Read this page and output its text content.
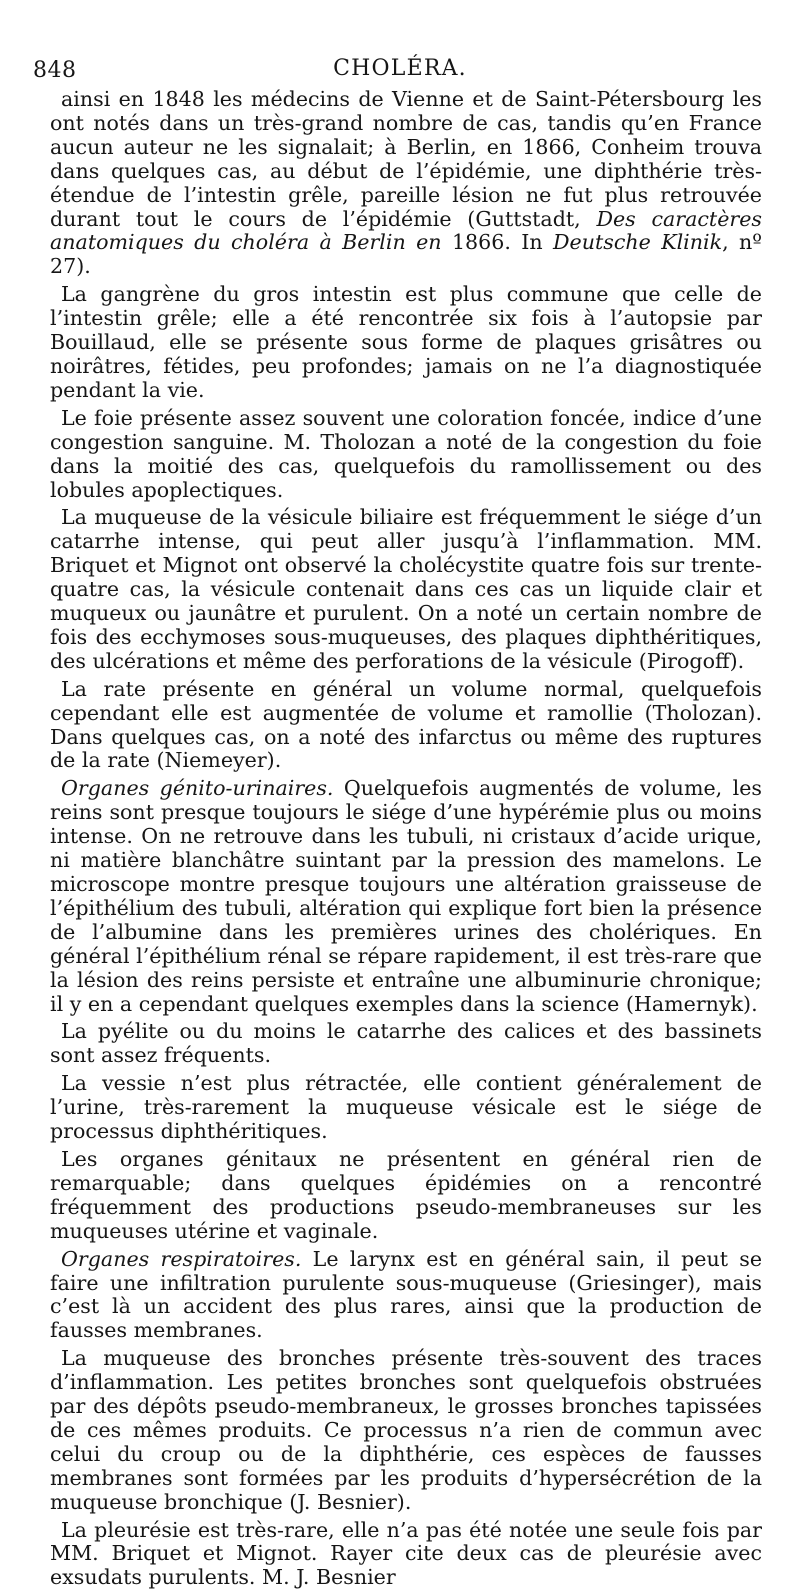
848	CHOLÉRA.

ainsi en 1848 les médecins de Vienne et de Saint-Pétersbourg les ont notés dans un très-grand nombre de cas, tandis qu’en France aucun auteur ne les signalait; à Berlin, en 1866, Conheim trouva dans quelques cas, au début de l’épidémie, une diphthérie très-étendue de l’intestin grêle, pareille lésion ne fut plus retrouvée durant tout le cours de l’épidémie (Guttstadt, Des caractères anatomiques du choléra à Berlin en 1866. In Deutsche Klinik, nº 27).

La gangrène du gros intestin est plus commune que celle de l’intestin grêle; elle a été rencontrée six fois à l’autopsie par Bouillaud, elle se présente sous forme de plaques grisâtres ou noirâtres, fétides, peu profondes; jamais on ne l’a diagnostiquée pendant la vie.

Le foie présente assez souvent une coloration foncée, indice d’une congestion sanguine. M. Tholozan a noté de la congestion du foie dans la moitié des cas, quelquefois du ramollissement ou des lobules apoplectiques.

La muqueuse de la vésicule biliaire est fréquemment le siége d’un catarrhe intense, qui peut aller jusqu’à l’inflammation. MM. Briquet et Mignot ont observé la cholécystite quatre fois sur trente-quatre cas, la vésicule contenait dans ces cas un liquide clair et muqueux ou jaunâtre et purulent. On a noté un certain nombre de fois des ecchymoses sous-muqueuses, des plaques diphthéritiques, des ulcérations et même des perforations de la vésicule (Pirogoff).

La rate présente en général un volume normal, quelquefois cependant elle est augmentée de volume et ramollie (Tholozan). Dans quelques cas, on a noté des infarctus ou même des ruptures de la rate (Niemeyer).

Organes génito-urinaires. Quelquefois augmentés de volume, les reins sont presque toujours le siége d’une hypérémie plus ou moins intense. On ne retrouve dans les tubuli, ni cristaux d’acide urique, ni matière blanchâtre suintant par la pression des mamelons. Le microscope montre presque toujours une altération graisseuse de l’épithélium des tubuli, altération qui explique fort bien la présence de l’albumine dans les premières urines des cholériques. En général l’épithélium rénal se répare rapidement, il est très-rare que la lésion des reins persiste et entraîne une albuminurie chronique; il y en a cependant quelques exemples dans la science (Hamernyk).

La pyélite ou du moins le catarrhe des calices et des bassinets sont assez fréquents.

La vessie n’est plus rétractée, elle contient généralement de l’urine, très-rarement la muqueuse vésicale est le siége de processus diphthéritiques.

Les organes génitaux ne présentent en général rien de remarquable; dans quelques épidémies on a rencontré fréquemment des productions pseudo-membraneuses sur les muqueuses utérine et vaginale.

Organes respiratoires. Le larynx est en général sain, il peut se faire une infiltration purulente sous-muqueuse (Griesinger), mais c’est là un accident des plus rares, ainsi que la production de fausses membranes.

La muqueuse des bronches présente très-souvent des traces d’inflammation. Les petites bronches sont quelquefois obstruées par des dépôts pseudo-membraneux, le grosses bronches tapissées de ces mêmes produits. Ce processus n’a rien de commun avec celui du croup ou de la diphthérie, ces espèces de fausses membranes sont formées par les produits d’hypersécrétion de la muqueuse bronchique (J. Besnier).

La pleurésie est très-rare, elle n’a pas été notée une seule fois par MM. Briquet et Mignot. Rayer cite deux cas de pleurésie avec exsudats purulents. M. J. Besnier
